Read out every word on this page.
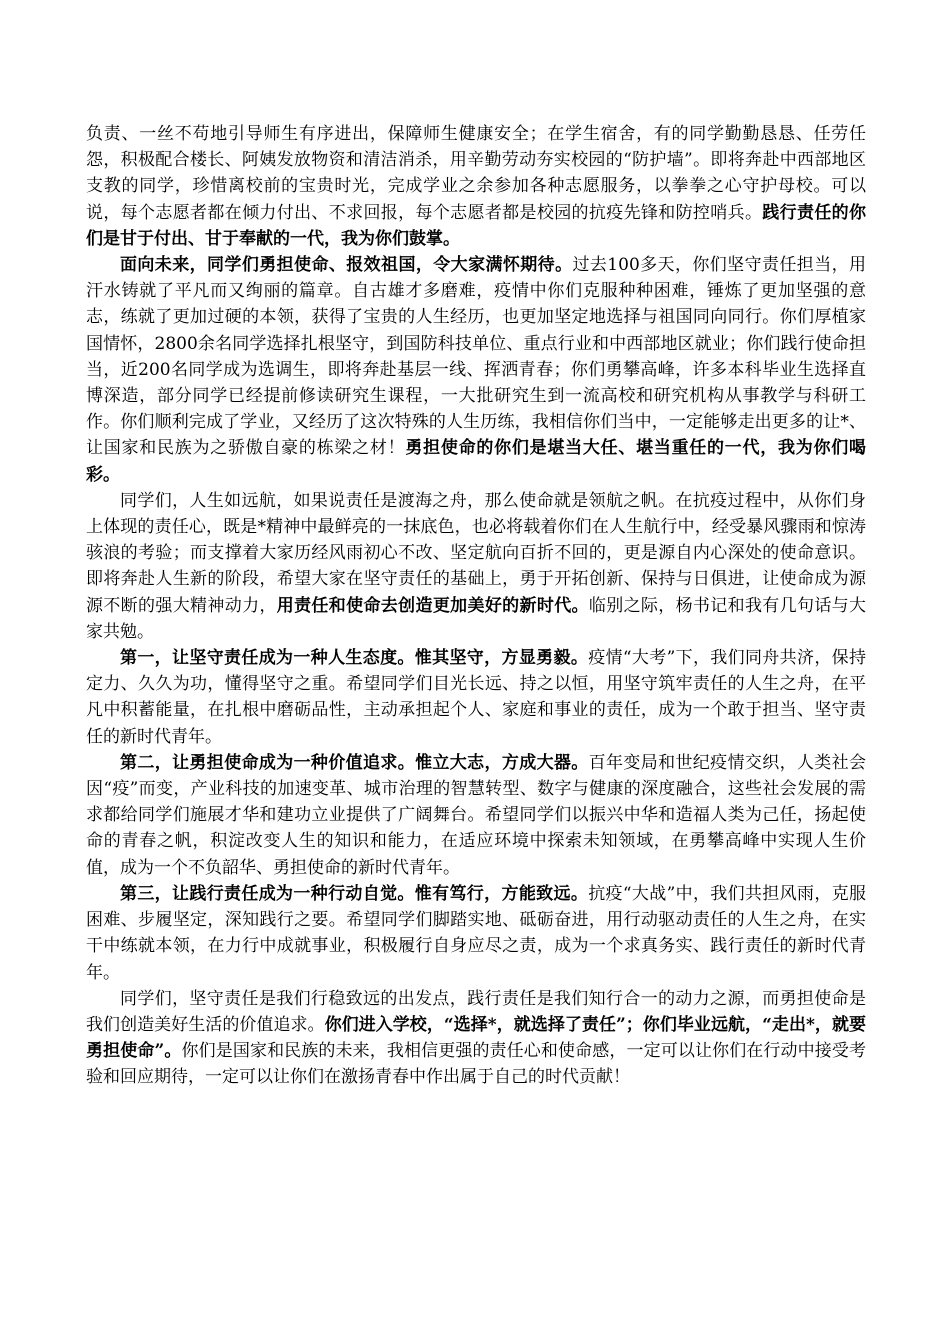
负责、一丝不苟地引导师生有序进出，保障师生健康安全；在学生宿舍，有的同学勤勤恳恳、任劳任怨，积极配合楼长、阿姨发放物资和清洁消杀，用辛勤劳动夯实校园的“防护墙”。即将奔赴中西部地区支教的同学，珍惜离校前的宝贵时光，完成学业之余参加各种志愿服务，以拳拳之心守护母校。可以说，每个志愿者都在倾力付出、不求回报，每个志愿者都是校园的抗疫先锋和防控哨兵。践行责任的你们是甘于付出、甘于奉献的一代，我为你们鼓掌。

面向未来，同学们勇担使命、报效祖国，令大家满怀期待。过去100多天，你们坚守责任担当，用汗水铸就了平凡而又绚丽的篇章。自古雄才多磨难，疫情中你们克服种种困难，锤炼了更加坚强的意志，练就了更加过硬的本领，获得了宝贵的人生经历，也更加坚定地选择与祖国同向同行。你们厚植家国情怀，2800余名同学选择扎根坚守，到国防科技单位、重点行业和中西部地区就业；你们践行使命担当，近200名同学成为选调生，即将奔赴基层一线、挥洒青春；你们勇攀高峰，许多本科毕业生选择直博深造，部分同学已经提前修读研究生课程，一大批研究生到一流高校和研究机构从事教学与科研工作。你们顺利完成了学业，又经历了这次特殊的人生历练，我相信你们当中，一定能够走出更多的让*、让国家和民族为之骄傲自豪的栋梁之材！勇担使命的你们是堪当大任、堪当重任的一代，我为你们喝彩。

同学们，人生如远航，如果说责任是渡海之舟，那么使命就是领航之帆。在抗疫过程中，从你们身上体现的责任心，既是*精神中最鲜亮的一抹底色，也必将载着你们在人生航行中，经受暴风骤雨和惊涛骇浪的考验；而支撑着大家历经风雨初心不改、坚定航向百折不回的，更是源自内心深处的使命意识。即将奔赴人生新的阶段，希望大家在坚守责任的基础上，勇于开拓创新、保持与日俱进，让使命成为源源不断的强大精神动力，用责任和使命去创造更加美好的新时代。临别之际，杨书记和我有几句话与大家共勉。

第一，让坚守责任成为一种人生态度。惟其坚守，方显勇毅。疫情“大考”下，我们同舟共济，保持定力、久久为功，懂得坚守之重。希望同学们目光长远、持之以恒，用坚守筑牢责任的人生之舟，在平凡中积蓄能量，在扎根中磨砺品性，主动承担起个人、家庭和事业的责任，成为一个敢于担当、坚守责任的新时代青年。

第二，让勇担使命成为一种价值追求。惟立大志，方成大器。百年变局和世纪疫情交织，人类社会因“疫”而变，产业科技的加速变革、城市治理的智慧转型、数字与健康的深度融合，这些社会发展的需求都给同学们施展才华和建功立业提供了广阔舞台。希望同学们以振兴中华和造福人类为己任，扬起使命的青春之帆，积淀改变人生的知识和能力，在适应环境中探索未知领域，在勇攀高峰中实现人生价值，成为一个不负韶华、勇担使命的新时代青年。

第三，让践行责任成为一种行动自觉。惟有笃行，方能致远。抗疫“大战”中，我们共担风雨，克服困难、步履坚定，深知践行之要。希望同学们脚踏实地、砥砺奋进，用行动驱动责任的人生之舟，在实干中练就本领，在力行中成就事业，积极履行自身应尽之责，成为一个求真务实、践行责任的新时代青年。

同学们，坚守责任是我们行稳致远的出发点，践行责任是我们知行合一的动力之源，而勇担使命是我们创造美好生活的价值追求。你们进入学校，“选择*，就选择了责任”；你们毕业远航，“走出*，就要勇担使命”。你们是国家和民族的未来，我相信更强的责任心和使命感，一定可以让你们在行动中接受考验和回应期待，一定可以让你们在激扬青春中作出属于自己的时代贡献！
